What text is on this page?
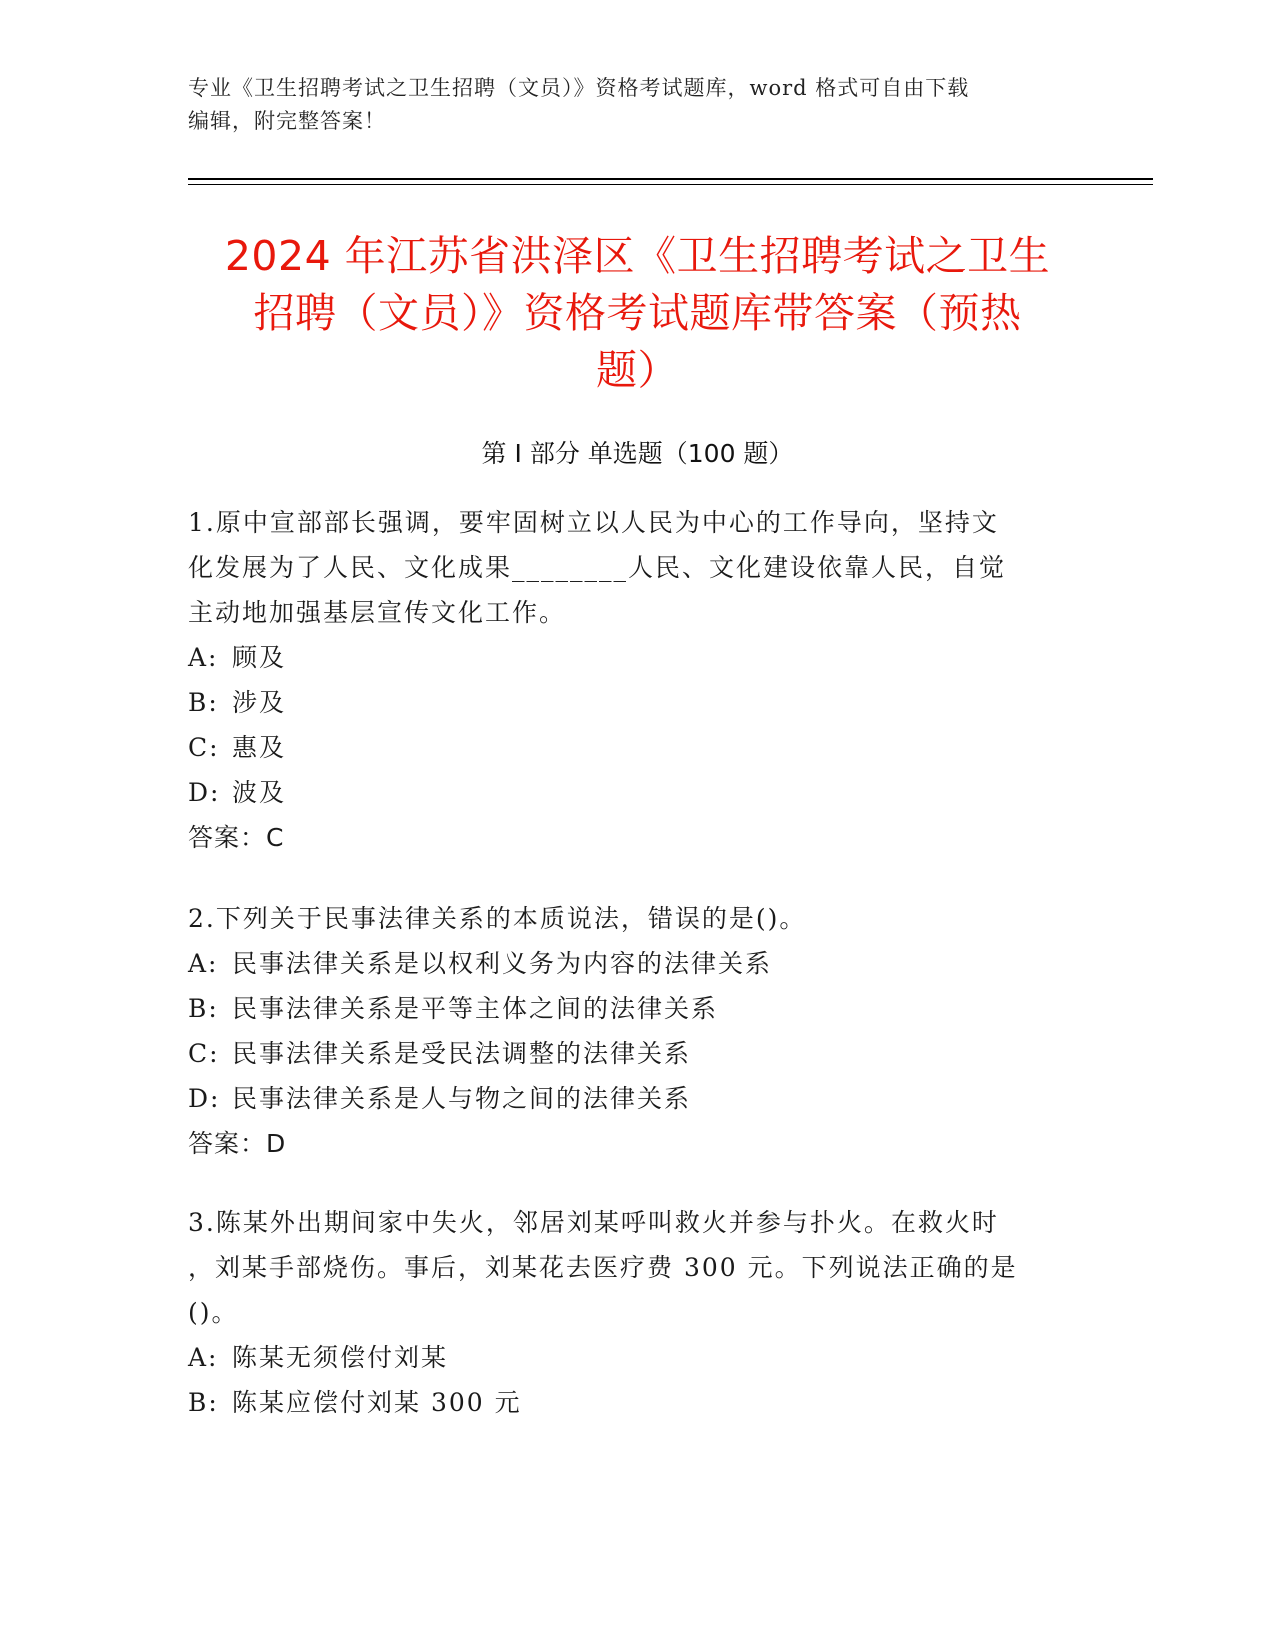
专业《卫生招聘考试之卫生招聘（文员）》资格考试题库，word 格式可自由下载
编辑，附完整答案！
2024 年江苏省洪泽区《卫生招聘考试之卫生
招聘（文员）》资格考试题库带答案（预热
题）
第 I 部分 单选题（100 题）

1.原中宣部部长强调，要牢固树立以人民为中心的工作导向，坚持文

化发展为了人民、文化成果________人民、文化建设依靠人民，自觉

主动地加强基层宣传文化工作。

A: 顾及

B: 涉及

C: 惠及

D: 波及

答案：C

2.下列关于民事法律关系的本质说法，错误的是()。

A: 民事法律关系是以权利义务为内容的法律关系

B: 民事法律关系是平等主体之间的法律关系

C: 民事法律关系是受民法调整的法律关系

D: 民事法律关系是人与物之间的法律关系

答案：D

3.陈某外出期间家中失火，邻居刘某呼叫救火并参与扑火。在救火时

，刘某手部烧伤。事后，刘某花去医疗费 300 元。下列说法正确的是

()。

A: 陈某无须偿付刘某

B: 陈某应偿付刘某 300 元
